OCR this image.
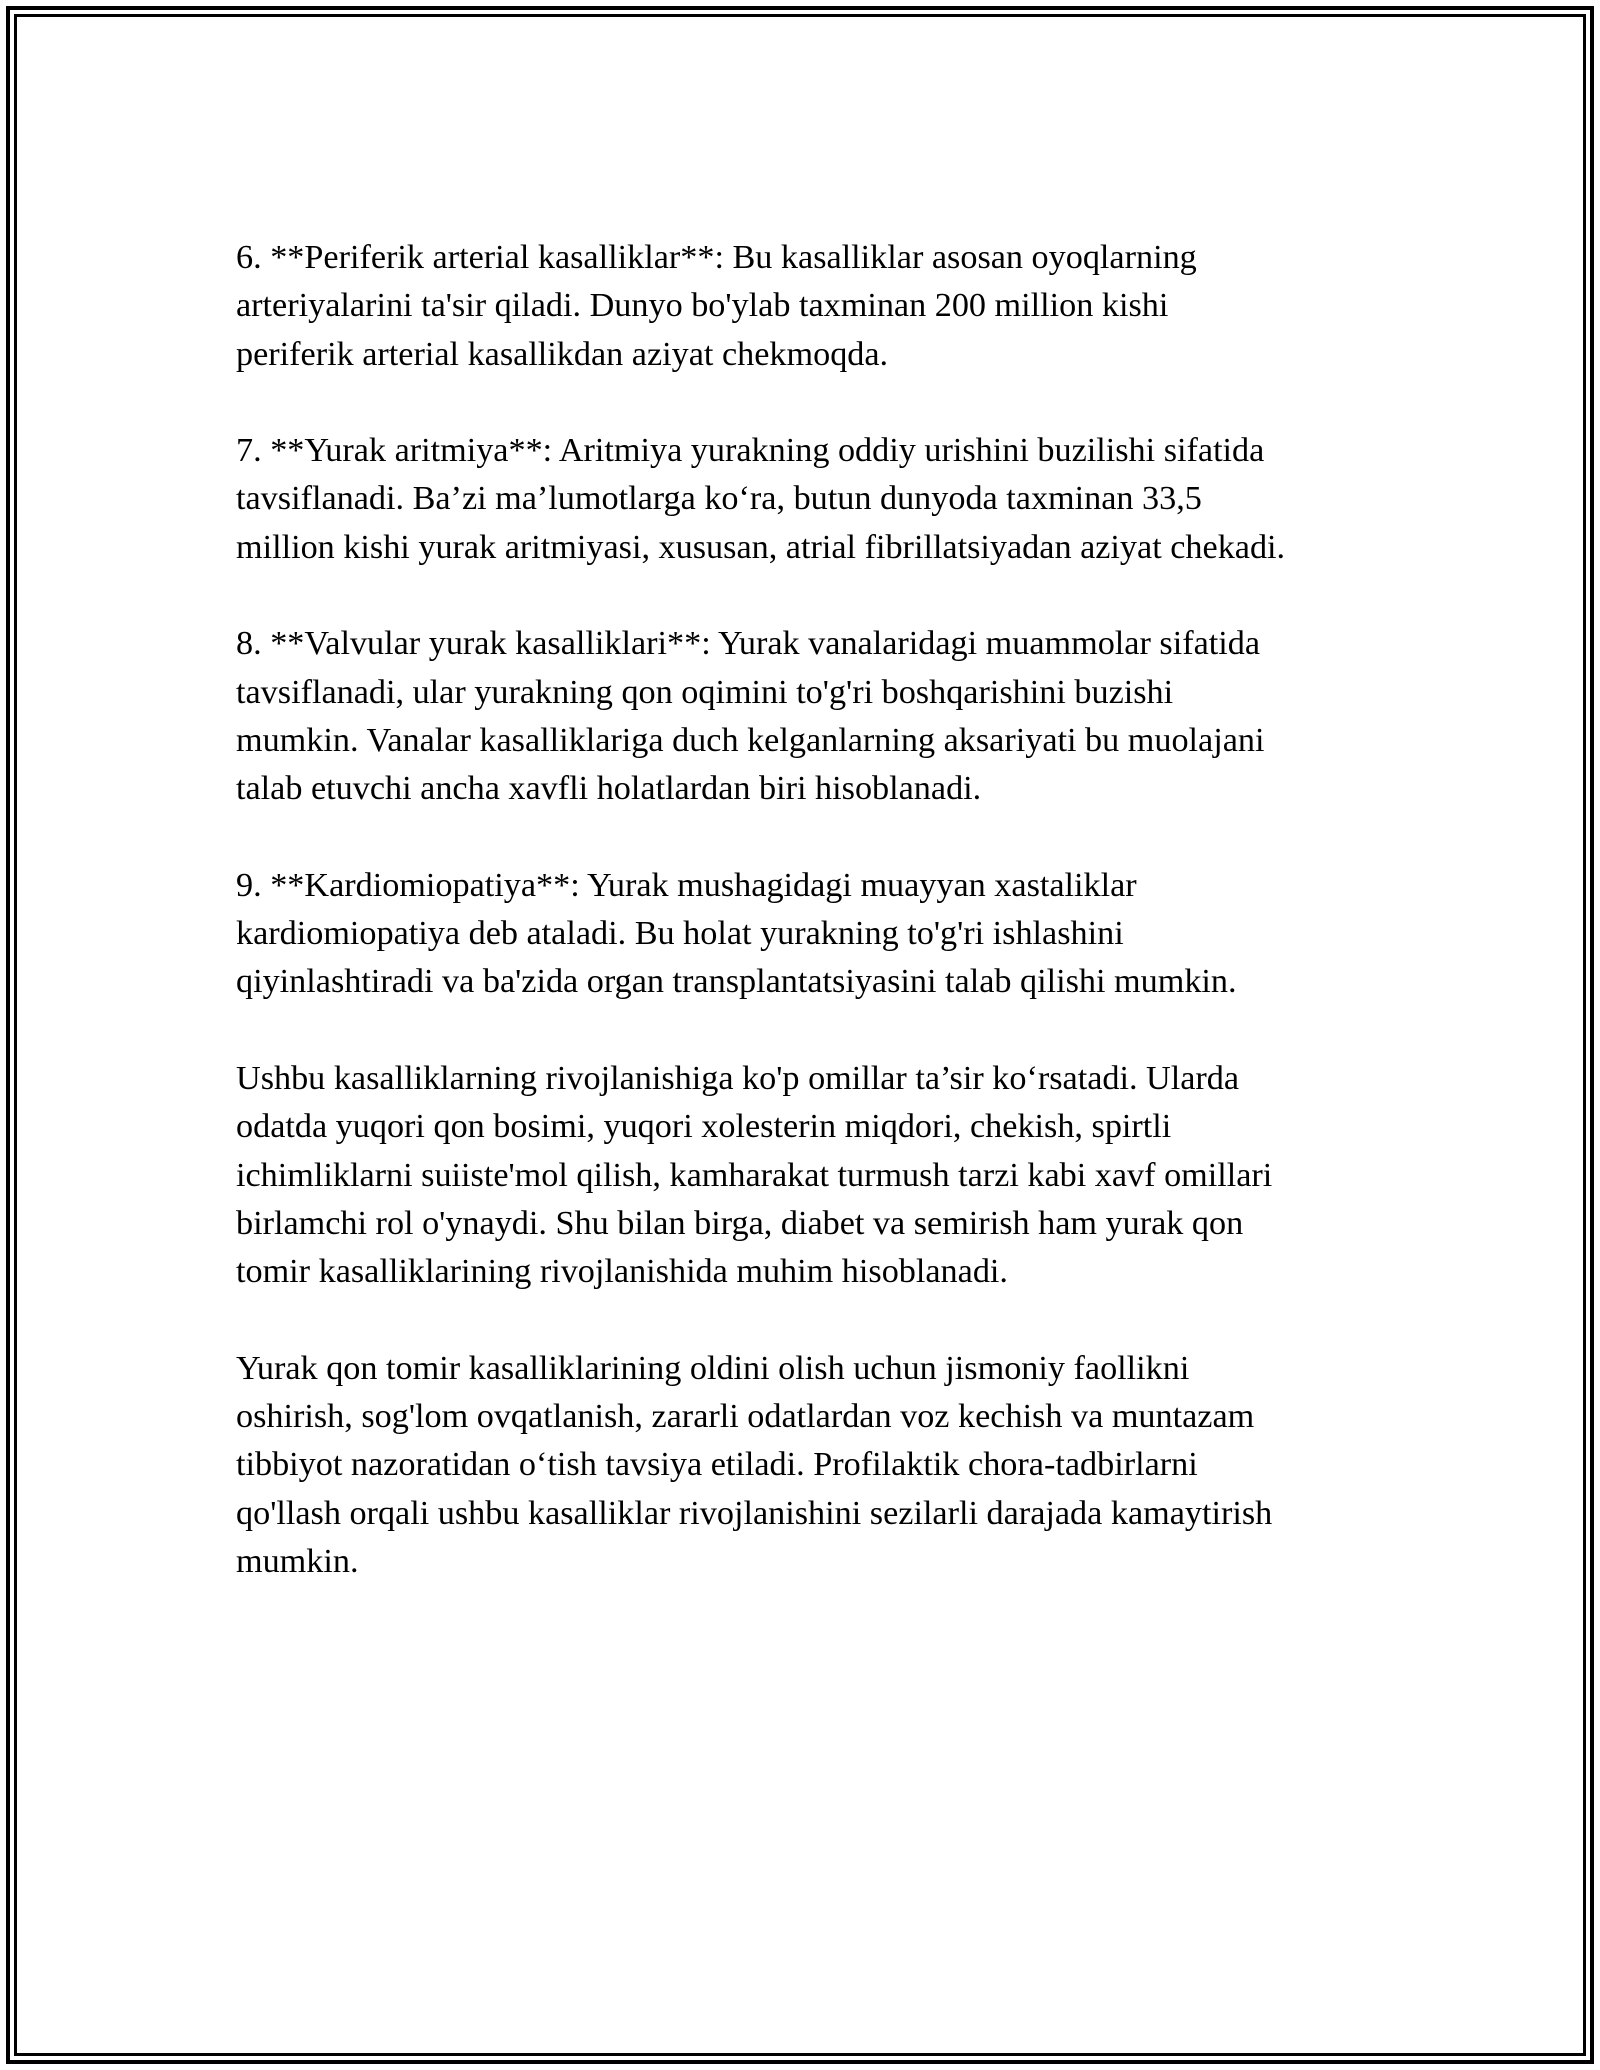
6. **Periferik arterial kasalliklar**: Bu kasalliklar asosan oyoqlarning
arteriyalarini ta'sir qiladi. Dunyo bo'ylab taxminan 200 million kishi
periferik arterial kasallikdan aziyat chekmoqda.

7. **Yurak aritmiya**: Aritmiya yurakning oddiy urishini buzilishi sifatida
tavsiflanadi. Ba’zi ma’lumotlarga ko‘ra, butun dunyoda taxminan 33,5
million kishi yurak aritmiyasi, xususan, atrial fibrillatsiyadan aziyat chekadi.

8. **Valvular yurak kasalliklari**: Yurak vanalaridagi muammolar sifatida
tavsiflanadi, ular yurakning qon oqimini to'g'ri boshqarishini buzishi
mumkin. Vanalar kasalliklariga duch kelganlarning aksariyati bu muolajani
talab etuvchi ancha xavfli holatlardan biri hisoblanadi.

9. **Kardiomiopatiya**: Yurak mushagidagi muayyan xastaliklar
kardiomiopatiya deb ataladi. Bu holat yurakning to'g'ri ishlashini
qiyinlashtiradi va ba'zida organ transplantatsiyasini talab qilishi mumkin.

Ushbu kasalliklarning rivojlanishiga ko'p omillar ta’sir ko‘rsatadi. Ularda
odatda yuqori qon bosimi, yuqori xolesterin miqdori, chekish, spirtli
ichimliklarni suiiste'mol qilish, kamharakat turmush tarzi kabi xavf omillari
birlamchi rol o'ynaydi. Shu bilan birga, diabet va semirish ham yurak qon
tomir kasalliklarining rivojlanishida muhim hisoblanadi.

Yurak qon tomir kasalliklarining oldini olish uchun jismoniy faollikni
oshirish, sog'lom ovqatlanish, zararli odatlardan voz kechish va muntazam
tibbiyot nazoratidan o‘tish tavsiya etiladi. Profilaktik chora-tadbirlarni
qo'llash orqali ushbu kasalliklar rivojlanishini sezilarli darajada kamaytirish
mumkin.
